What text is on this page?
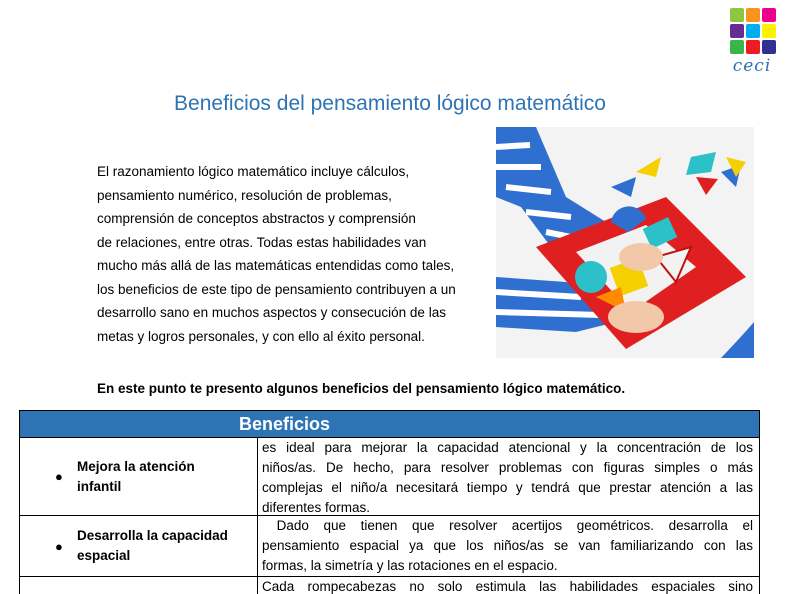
ceci
Beneficios del pensamiento lógico matemático

El razonamiento lógico matemático incluye cálculos,

pensamiento numérico, resolución de problemas,

comprensión de conceptos abstractos y comprensión

de relaciones, entre otras. Todas estas habilidades van

mucho más allá de las matemáticas entendidas como tales,

los beneficios de este tipo de pensamiento contribuyen a un

desarrollo sano en muchos aspectos y consecución de las

metas y logros personales, y con ello al éxito personal.

En este punto te presento algunos beneficios del pensamiento lógico matemático.

Beneficios
●
Mejora la atención
infantil
es ideal para mejorar la capacidad atencional y la concentración de los
niños/as. De hecho, para resolver problemas con figuras simples o más
complejas el niño/a necesitará tiempo y tendrá que prestar atención a las
diferentes formas.
●
Desarrolla la capacidad
espacial
Dado que tienen que resolver acertijos geométricos. desarrolla el
pensamiento espacial ya que los niños/as se van familiarizando con las
formas, la simetría y las rotaciones en el espacio.
Cada rompecabezas no solo estimula las habilidades espaciales sino
